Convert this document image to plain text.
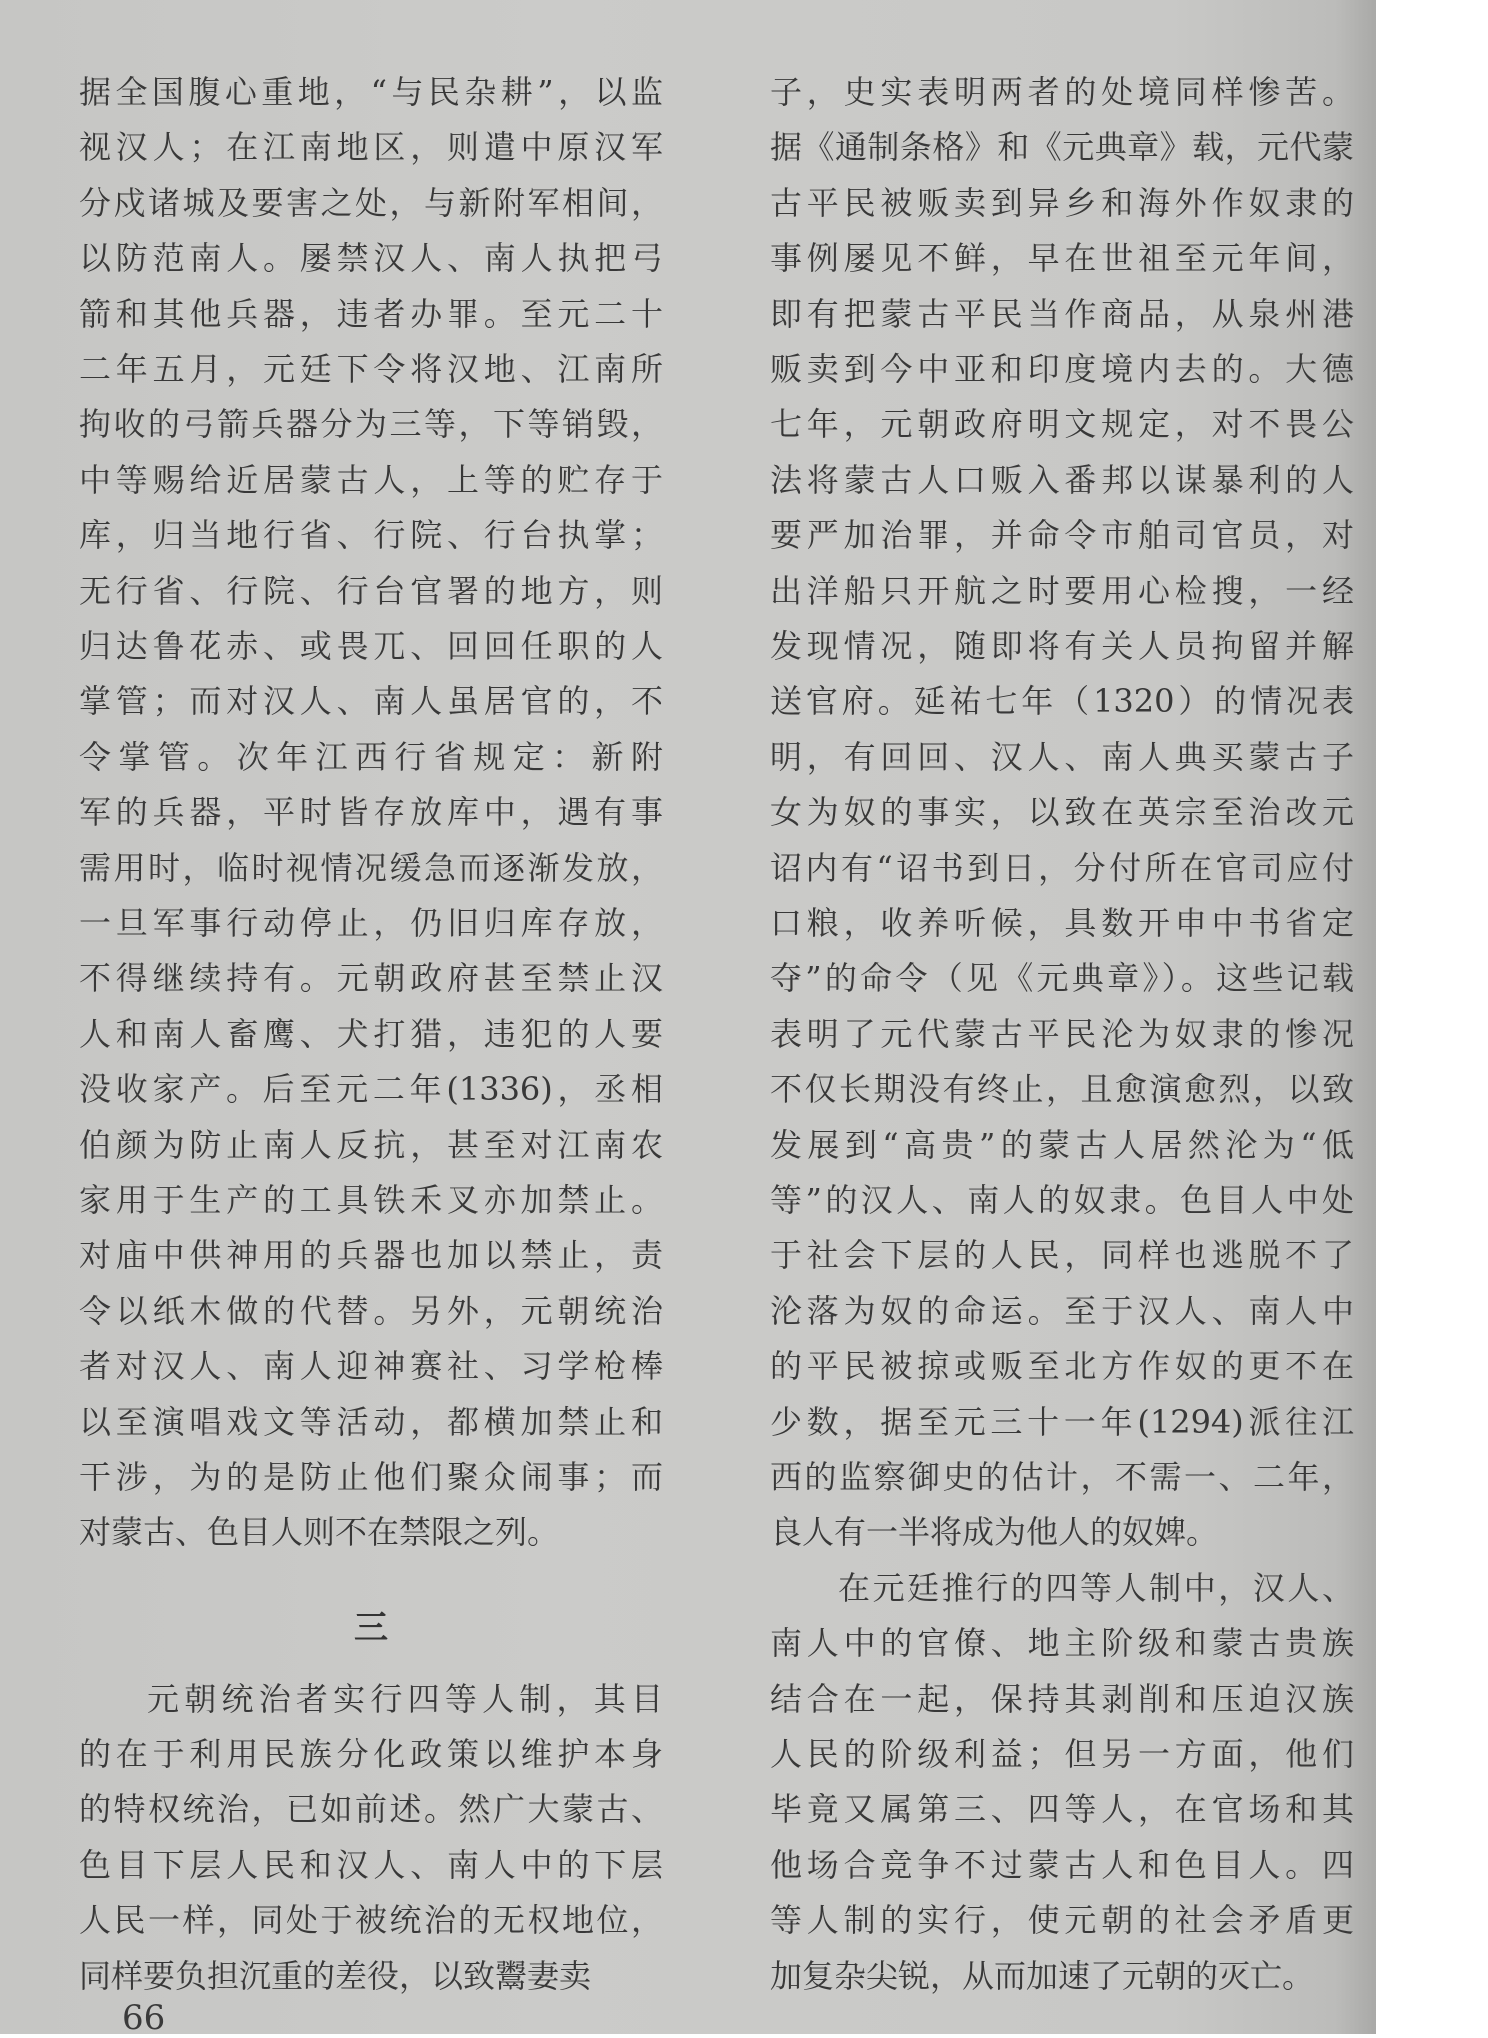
据全国腹心重地，“与民杂耕”，以监
视汉人；在江南地区，则遣中原汉军
分戍诸城及要害之处，与新附军相间，
以防范南人。屡禁汉人、南人执把弓
箭和其他兵器，违者办罪。至元二十
二年五月，元廷下令将汉地、江南所
拘收的弓箭兵器分为三等，下等销毁，
中等赐给近居蒙古人，上等的贮存于
库，归当地行省、行院、行台执掌；
无行省、行院、行台官署的地方，则
归达鲁花赤、或畏兀、回回任职的人
掌管；而对汉人、南人虽居官的，不
令掌管。次年江西行省规定：新附
军的兵器，平时皆存放库中，遇有事
需用时，临时视情况缓急而逐渐发放，
一旦军事行动停止，仍旧归库存放，
不得继续持有。元朝政府甚至禁止汉
人和南人畜鹰、犬打猎，违犯的人要
没收家产。后至元二年(1336)，丞相
伯颜为防止南人反抗，甚至对江南农
家用于生产的工具铁禾叉亦加禁止。
对庙中供神用的兵器也加以禁止，责
令以纸木做的代替。另外，元朝统治
者对汉人、南人迎神赛社、习学枪棒
以至演唱戏文等活动，都横加禁止和
干涉，为的是防止他们聚众闹事；而
对蒙古、色目人则不在禁限之列。
三
元朝统治者实行四等人制，其目
的在于利用民族分化政策以维护本身
的特权统治，已如前述。然广大蒙古、
色目下层人民和汉人、南人中的下层
人民一样，同处于被统治的无权地位，
同样要负担沉重的差役，以致鬻妻卖
子，史实表明两者的处境同样惨苦。
据《通制条格》和《元典章》载，元代蒙
古平民被贩卖到异乡和海外作奴隶的
事例屡见不鲜，早在世祖至元年间，
即有把蒙古平民当作商品，从泉州港
贩卖到今中亚和印度境内去的。大德
七年，元朝政府明文规定，对不畏公
法将蒙古人口贩入番邦以谋暴利的人
要严加治罪，并命令市舶司官员，对
出洋船只开航之时要用心检搜，一经
发现情况，随即将有关人员拘留并解
送官府。延祐七年（1320）的情况表
明，有回回、汉人、南人典买蒙古子
女为奴的事实，以致在英宗至治改元
诏内有“诏书到日，分付所在官司应付
口粮，收养听候，具数开申中书省定
夺”的命令（见《元典章》）。这些记载
表明了元代蒙古平民沦为奴隶的惨况
不仅长期没有终止，且愈演愈烈，以致
发展到“高贵”的蒙古人居然沦为“低
等”的汉人、南人的奴隶。色目人中处
于社会下层的人民，同样也逃脱不了
沦落为奴的命运。至于汉人、南人中
的平民被掠或贩至北方作奴的更不在
少数，据至元三十一年(1294)派往江
西的监察御史的估计，不需一、二年，
良人有一半将成为他人的奴婢。
在元廷推行的四等人制中，汉人、
南人中的官僚、地主阶级和蒙古贵族
结合在一起，保持其剥削和压迫汉族
人民的阶级利益；但另一方面，他们
毕竟又属第三、四等人，在官场和其
他场合竞争不过蒙古人和色目人。四
等人制的实行，使元朝的社会矛盾更
加复杂尖锐，从而加速了元朝的灭亡。
66
